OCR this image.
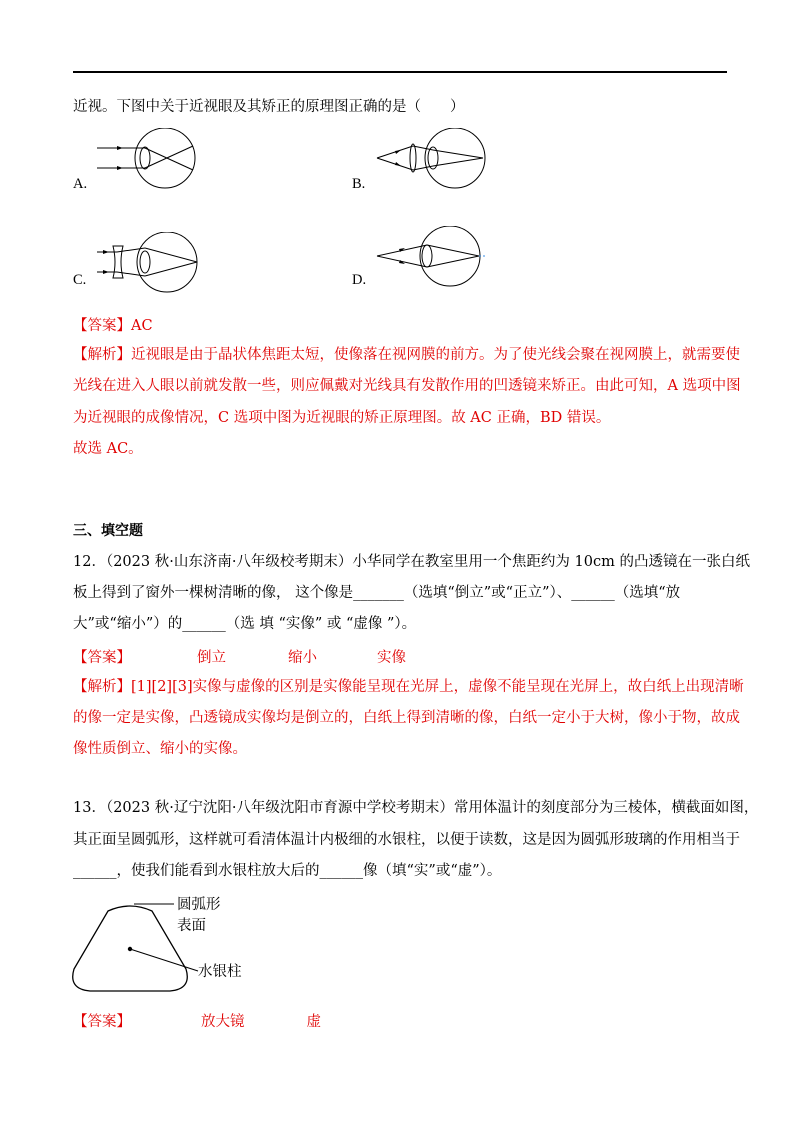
近视。下图中关于近视眼及其矫正的原理图正确的是（　　）
A.	B.
C.	D.
【答案】AC
【解析】近视眼是由于晶状体焦距太短，使像落在视网膜的前方。为了使光线会聚在视网膜上，就需要使
光线在进入人眼以前就发散一些，则应佩戴对光线具有发散作用的凹透镜来矫正。由此可知，A 选项中图
为近视眼的成像情况，C 选项中图为近视眼的矫正原理图。故 AC 正确，BD 错误。
故选 AC。
三、填空题
12．（2023 秋·山东济南·八年级校考期末）小华同学在教室里用一个焦距约为 10cm 的凸透镜在一张白纸
板上得到了窗外一棵树清晰的像， 这个像是_______（选填“倒立”或“正立”）、______（选填“放
大”或“缩小”）的______（选 填 “实像” 或 “虚像 ”）。
【答案】	倒立	缩小	实像
【解析】[1][2][3]实像与虚像的区别是实像能呈现在光屏上，虚像不能呈现在光屏上，故白纸上出现清晰
的像一定是实像，凸透镜成实像均是倒立的，白纸上得到清晰的像，白纸一定小于大树，像小于物，故成
像性质倒立、缩小的实像。
13．（2023 秋·辽宁沈阳·八年级沈阳市育源中学校考期末）常用体温计的刻度部分为三棱体，横截面如图，
其正面呈圆弧形，这样就可看清体温计内极细的水银柱，以便于读数，这是因为圆弧形玻璃的作用相当于
______，使我们能看到水银柱放大后的______像（填“实”或“虚”）。
圆弧形
表面
水银柱
【答案】	放大镜	虚
